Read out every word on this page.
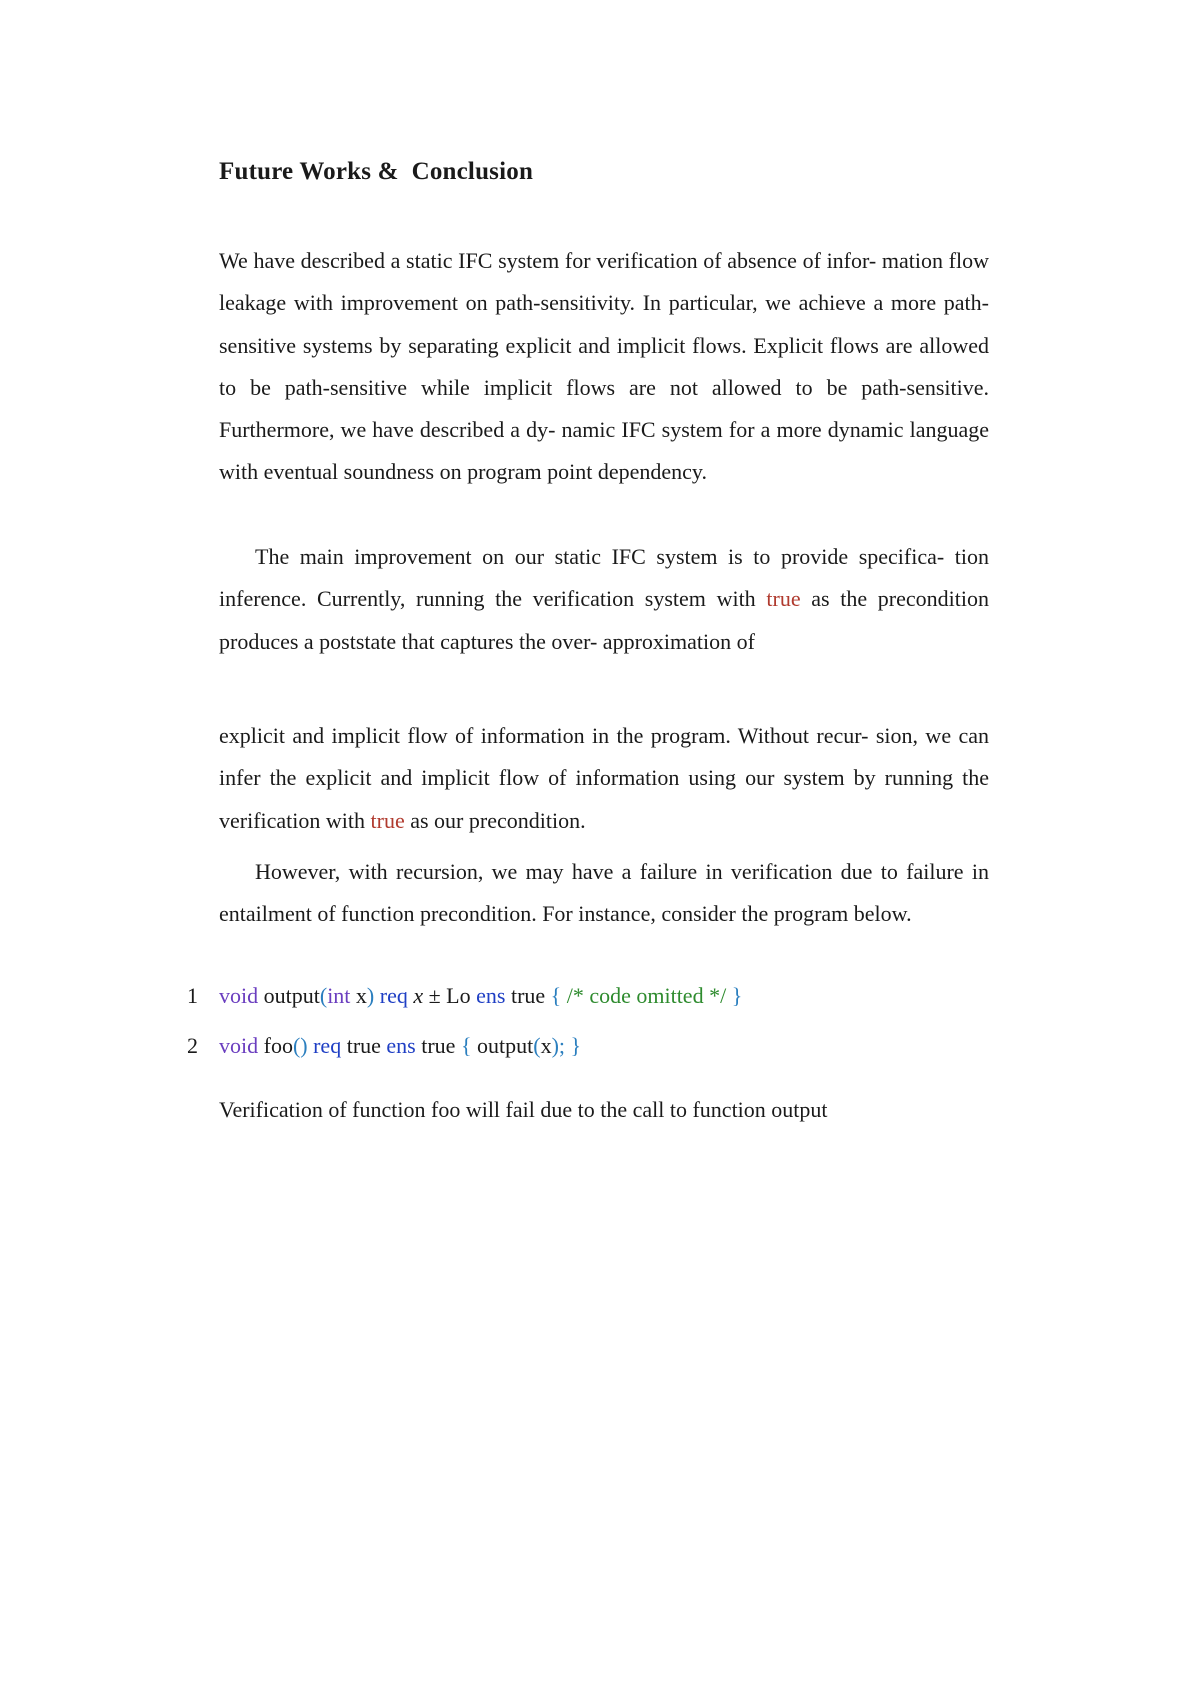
Future Works &  Conclusion

We have described a static IFC system for verification of absence of infor- mation flow leakage with improvement on path-sensitivity. In particular, we achieve a more path-sensitive systems by separating explicit and implicit flows. Explicit flows are allowed to be path-sensitive while implicit flows are not allowed to be path-sensitive. Furthermore, we have described a dy- namic IFC system for a more dynamic language with eventual soundness on program point dependency.

The main improvement on our static IFC system is to provide specifica- tion inference. Currently, running the verification system with true as the precondition produces a poststate that captures the over- approximation of

explicit and implicit flow of information in the program. Without recur- sion, we can infer the explicit and implicit flow of information using our system by running the verification with true as our precondition.

However, with recursion, we may have a failure in verification due to failure in entailment of function precondition. For instance, consider the program below.

1 void output(int x) req x ± Lo ens true { /* code omitted */ }
2 void foo() req true ens true { output(x); }

Verification of function foo will fail due to the call to function output
